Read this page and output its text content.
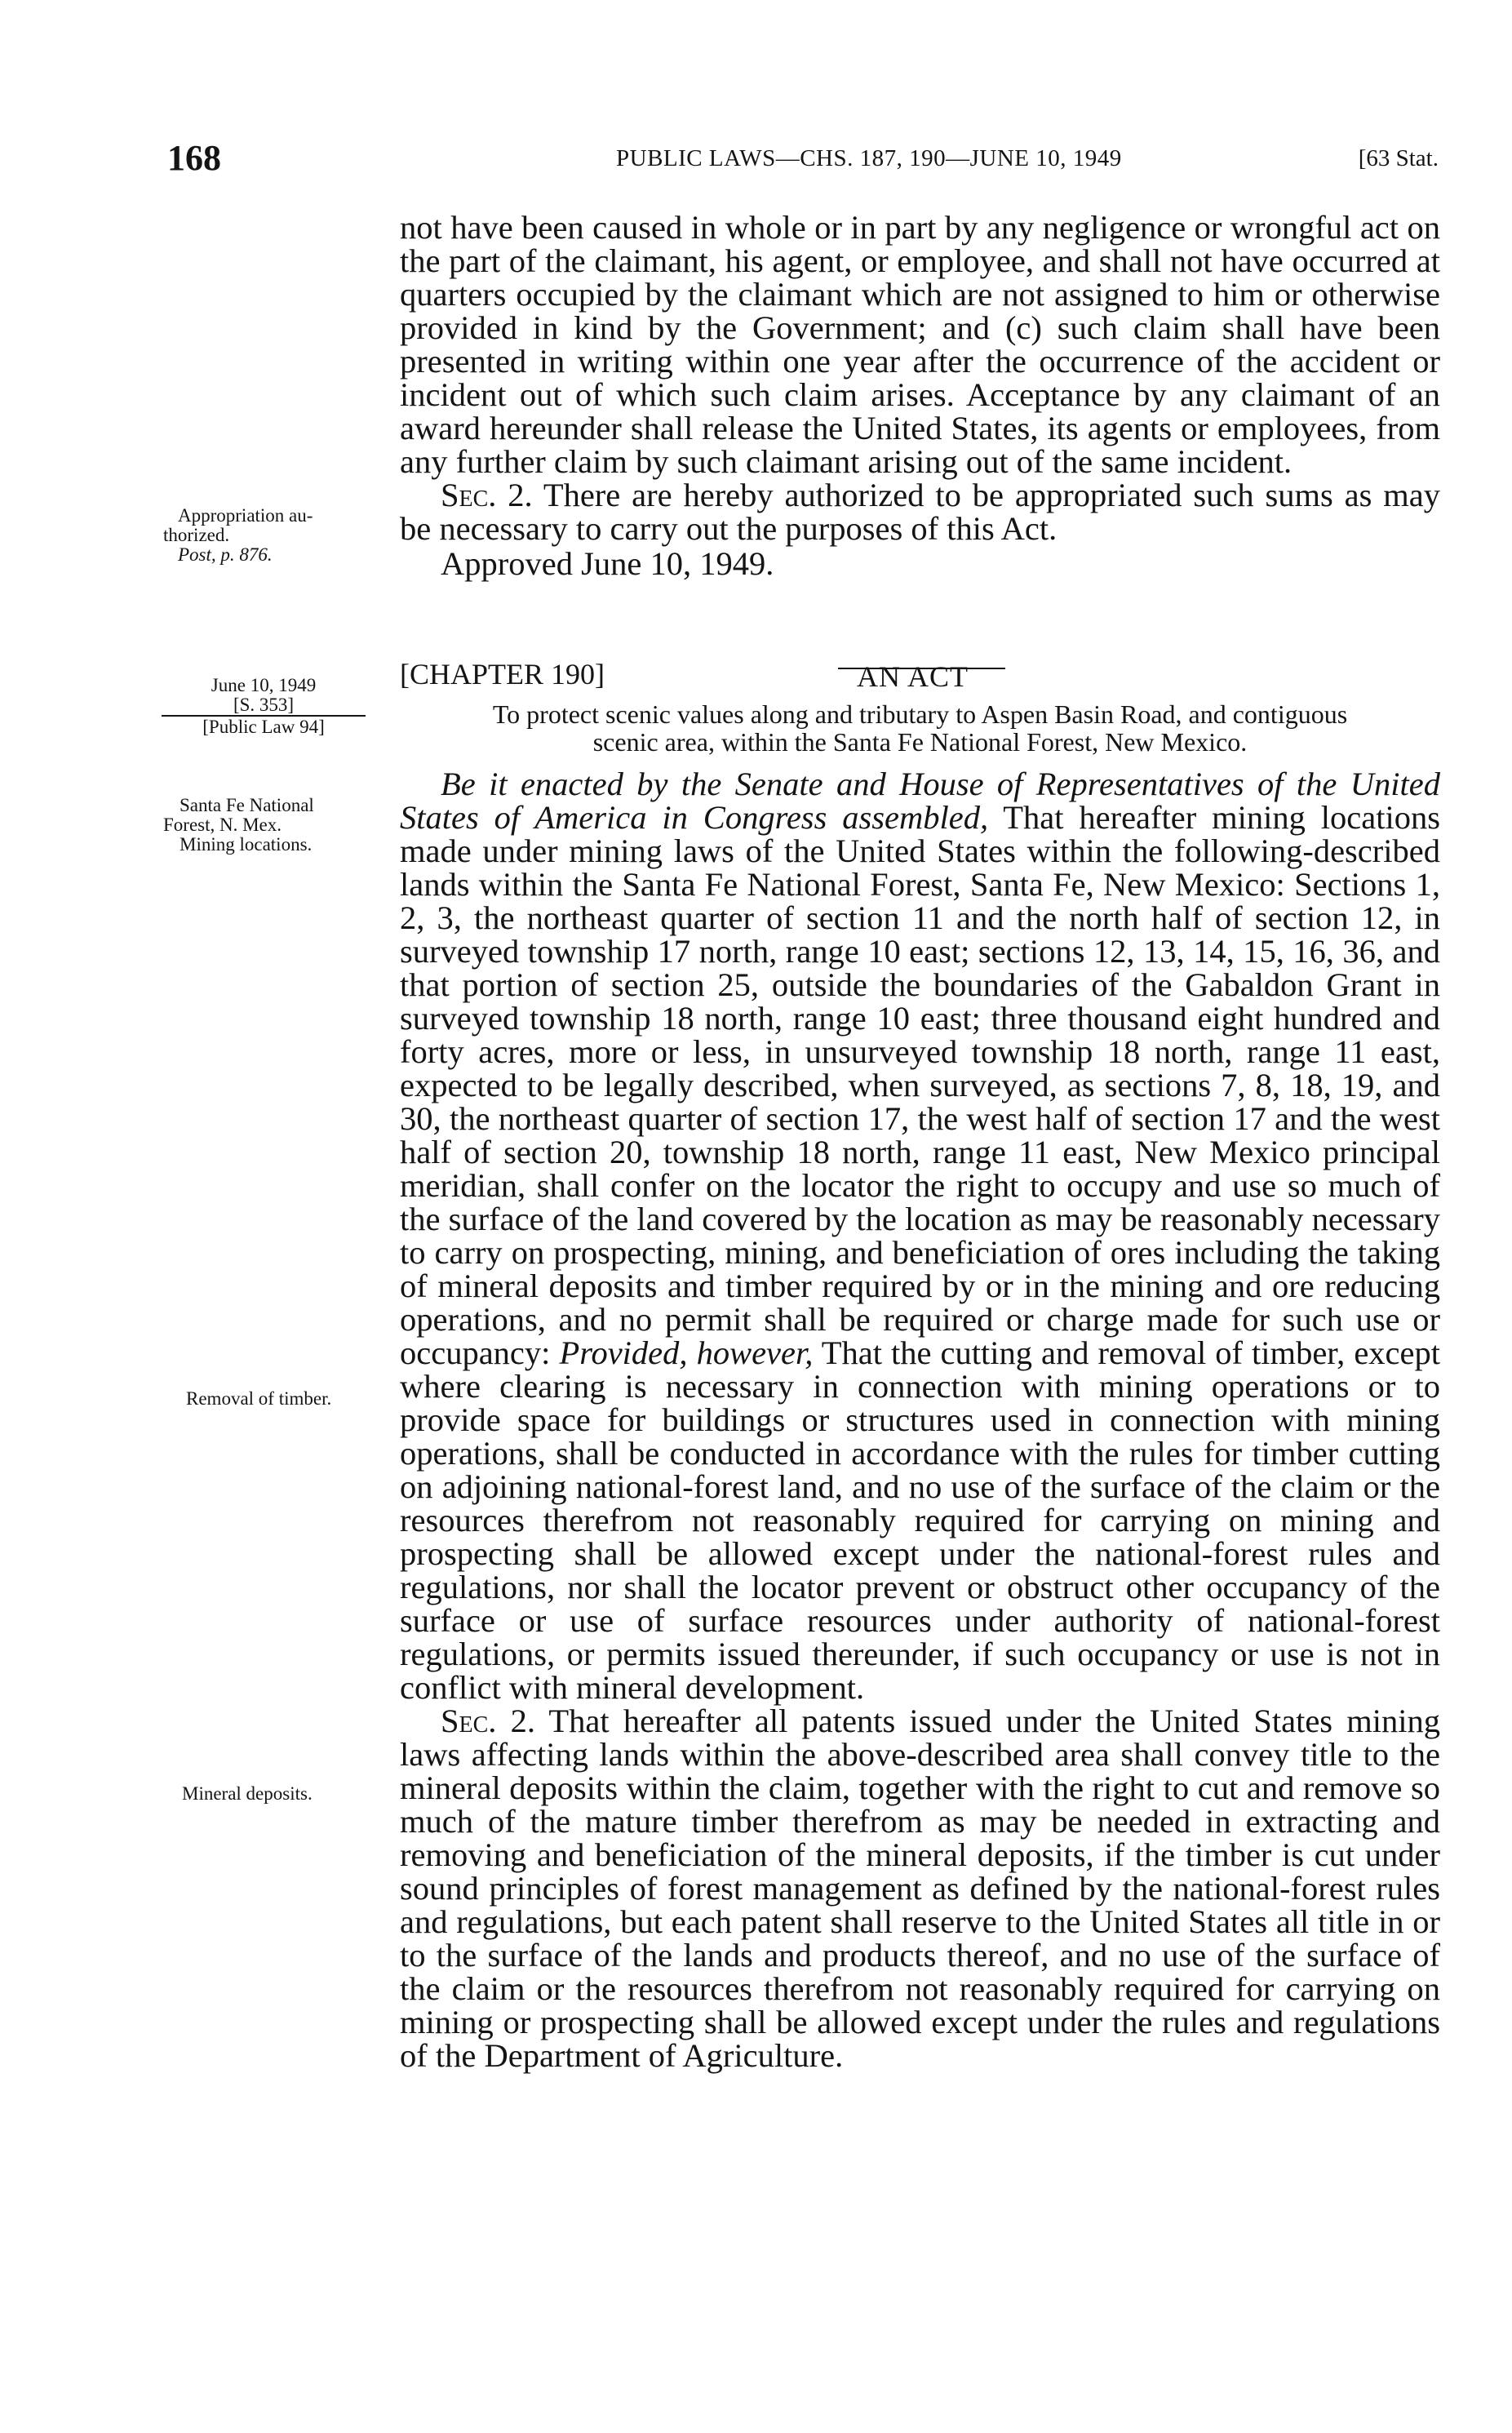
168	PUBLIC LAWS—CHS. 187, 190—JUNE 10, 1949	[63 Stat.

not have been caused in whole or in part by any negligence or wrongful act on the part of the claimant, his agent, or employee, and shall not have occurred at quarters occupied by the claimant which are not assigned to him or otherwise provided in kind by the Government; and (c) such claim shall have been presented in writing within one year after the occurrence of the accident or incident out of which such claim arises. Acceptance by any claimant of an award hereunder shall release the United States, its agents or employees, from any further claim by such claimant arising out of the same incident.

Sec. 2. There are hereby authorized to be appropriated such sums as may be necessary to carry out the purposes of this Act.

Approved June 10, 1949.

Appropriation au-
thorized.
Post, p. 876.
[CHAPTER 190]	AN ACT
To protect scenic values along and tributary to Aspen Basin Road, and contiguous
scenic area, within the Santa Fe National Forest, New Mexico.
June 10, 1949
[S. 353]
[Public Law 94]

Be it enacted by the Senate and House of Representatives of the United States of America in Congress assembled, That hereafter mining locations made under mining laws of the United States within the following-described lands within the Santa Fe National Forest, Santa Fe, New Mexico: Sections 1, 2, 3, the northeast quarter of section 11 and the north half of section 12, in surveyed township 17 north, range 10 east; sections 12, 13, 14, 15, 16, 36, and that portion of section 25, outside the boundaries of the Gabaldon Grant in surveyed township 18 north, range 10 east; three thousand eight hundred and forty acres, more or less, in unsurveyed township 18 north, range 11 east, expected to be legally described, when surveyed, as sections 7, 8, 18, 19, and 30, the northeast quarter of section 17, the west half of section 17 and the west half of section 20, township 18 north, range 11 east, New Mexico principal meridian, shall confer on the locator the right to occupy and use so much of the surface of the land covered by the location as may be reasonably necessary to carry on prospecting, mining, and beneficiation of ores including the taking of mineral deposits and timber required by or in the mining and ore reducing operations, and no permit shall be required or charge made for such use or occupancy: Provided, however, That the cutting and removal of timber, except where clearing is necessary in connection with mining operations or to provide space for buildings or structures used in connection with mining operations, shall be conducted in accordance with the rules for timber cutting on adjoining national-forest land, and no use of the surface of the claim or the resources therefrom not reasonably required for carrying on mining and prospecting shall be allowed except under the national-forest rules and regulations, nor shall the locator prevent or obstruct other occupancy of the surface or use of surface resources under authority of national-forest regulations, or permits issued thereunder, if such occupancy or use is not in conflict with mineral development.

Sec. 2. That hereafter all patents issued under the United States mining laws affecting lands within the above-described area shall convey title to the mineral deposits within the claim, together with the right to cut and remove so much of the mature timber therefrom as may be needed in extracting and removing and beneficiation of the mineral deposits, if the timber is cut under sound principles of forest management as defined by the national-forest rules and regulations, but each patent shall reserve to the United States all title in or to the surface of the lands and products thereof, and no use of the surface of the claim or the resources therefrom not reasonably required for carrying on mining or prospecting shall be allowed except under the rules and regulations of the Department of Agriculture.

Santa Fe National
Forest, N. Mex.
Mining locations.
Removal of timber.
Mineral deposits.
